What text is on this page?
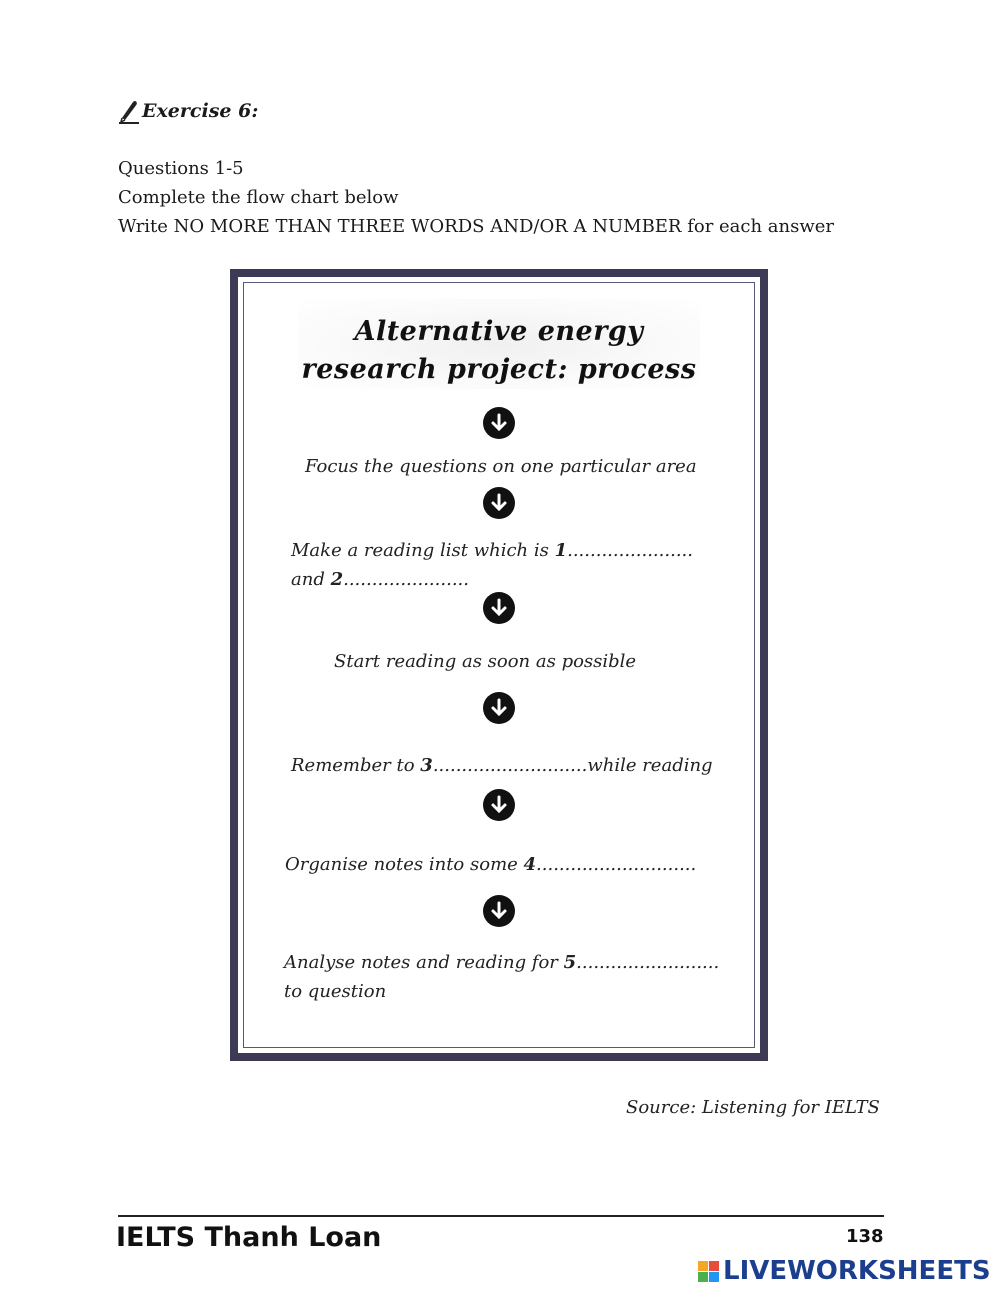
Exercise 6:
Questions 1-5
Complete the flow chart below
Write NO MORE THAN THREE WORDS AND/OR A NUMBER for each answer
Alternative energy
research project: process
Focus the questions on one particular area
Make a reading list which is 1......................
and 2......................
Start reading as soon as possible
Remember to 3...........................while reading
Organise notes into some 4............................
Analyse notes and reading for 5.........................
to question
Source: Listening for IELTS
IELTS Thanh Loan	138
LIVEWORKSHEETS
